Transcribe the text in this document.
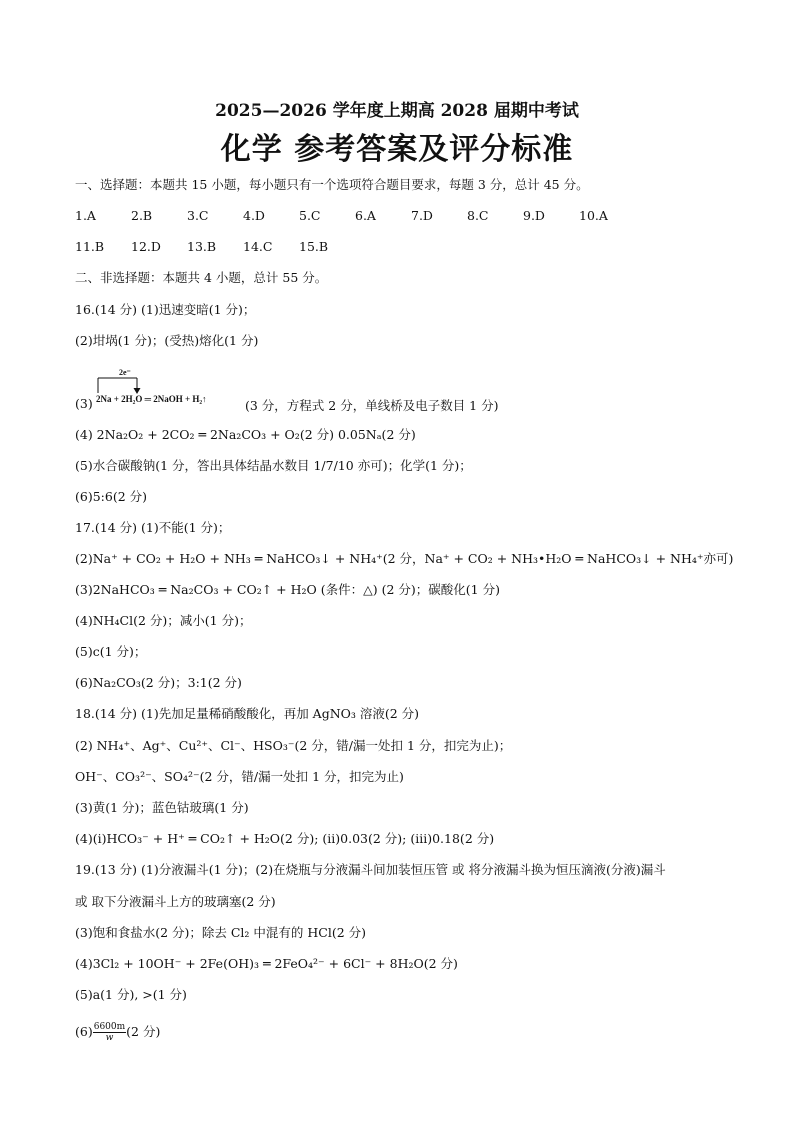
2025—2026 学年度上期高 2028 届期中考试
化学 参考答案及评分标准
一、选择题：本题共 15 小题，每小题只有一个选项符合题目要求，每题 3 分，总计 45 分。
1.A	2.B	3.C	4.D	5.C	6.A	7.D	8.C	9.D	10.A
11.B 12.D 13.B 14.C 15.B
二、非选择题：本题共 4 小题，总计 55 分。
16.(14 分) (1)迅速变暗(1 分)；
(2)坩埚(1 分)；(受热)熔化(1 分)
(3)
2e⁻
2Na + 2H₂O ═ 2NaOH + H₂↑	(3 分，方程式 2 分，单线桥及电子数目 1 分)
(4) 2Na₂O₂ + 2CO₂ ═ 2Na₂CO₃ + O₂(2 分) 0.05Nₐ(2 分)
(5)水合碳酸钠(1 分，答出具体结晶水数目 1/7/10 亦可)；化学(1 分)；
(6)5:6(2 分)
17.(14 分) (1)不能(1 分)；
(2)Na⁺ + CO₂ + H₂O + NH₃ ═ NaHCO₃↓ + NH₄⁺(2 分，Na⁺ + CO₂ + NH₃•H₂O ═ NaHCO₃↓ + NH₄⁺亦可)
(3)2NaHCO₃ ═ Na₂CO₃ + CO₂↑ + H₂O (条件：△) (2 分)；碳酸化(1 分)
(4)NH₄Cl(2 分)；减小(1 分)；
(5)c(1 分)；
(6)Na₂CO₃(2 分)；3:1(2 分)
18.(14 分) (1)先加足量稀硝酸酸化，再加 AgNO₃ 溶液(2 分)
(2) NH₄⁺、Ag⁺、Cu²⁺、Cl⁻、HSO₃⁻(2 分，错/漏一处扣 1 分，扣完为止)；
OH⁻、CO₃²⁻、SO₄²⁻(2 分，错/漏一处扣 1 分，扣完为止)
(3)黄(1 分)；蓝色钴玻璃(1 分)
(4)(i)HCO₃⁻ + H⁺ ═ CO₂↑ + H₂O(2 分); (ii)0.03(2 分); (iii)0.18(2 分)
19.(13 分) (1)分液漏斗(1 分)；(2)在烧瓶与分液漏斗间加装恒压管 或 将分液漏斗换为恒压滴液(分液)漏斗
或 取下分液漏斗上方的玻璃塞(2 分)
(3)饱和食盐水(2 分)；除去 Cl₂ 中混有的 HCl(2 分)
(4)3Cl₂ + 10OH⁻ + 2Fe(OH)₃ ═ 2FeO₄²⁻ + 6Cl⁻ + 8H₂O(2 分)
(5)a(1 分), >(1 分)
$(6) \frac{6600m}{w} (2$ 分)
